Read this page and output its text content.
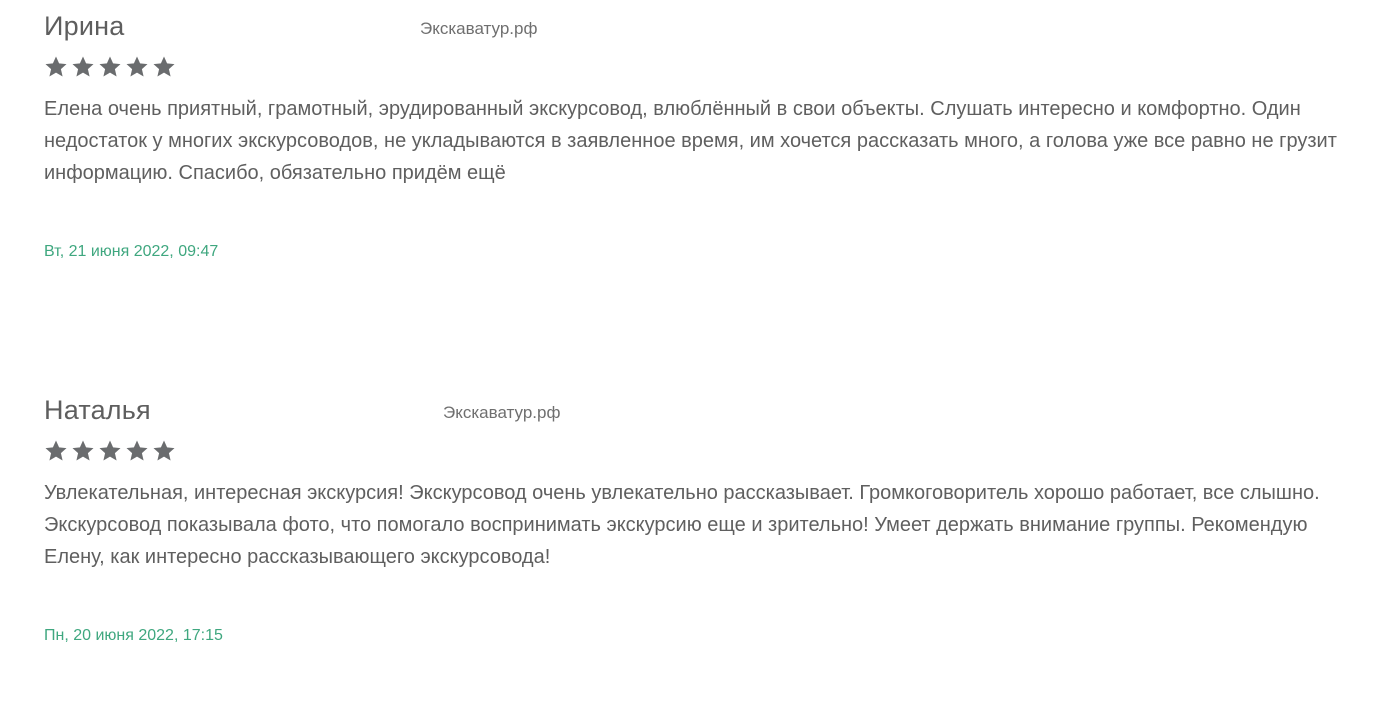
Ирина	Экскаватур.рф
Елена очень приятный, грамотный, эрудированный экскурсовод, влюблённый в свои объекты. Слушать интересно и комфортно. Один недостаток у многих экскурсоводов, не укладываются в заявленное время, им хочется рассказать много, а голова уже все равно не грузит информацию. Спасибо, обязательно придём ещё
Вт, 21 июня 2022, 09:47
Наталья	Экскаватур.рф
Увлекательная, интересная экскурсия! Экскурсовод очень увлекательно рассказывает. Громкоговоритель хорошо работает, все слышно. Экскурсовод показывала фото, что помогало воспринимать экскурсию еще и зрительно! Умеет держать внимание группы. Рекомендую Елену, как интересно рассказывающего экскурсовода!
Пн, 20 июня 2022, 17:15
